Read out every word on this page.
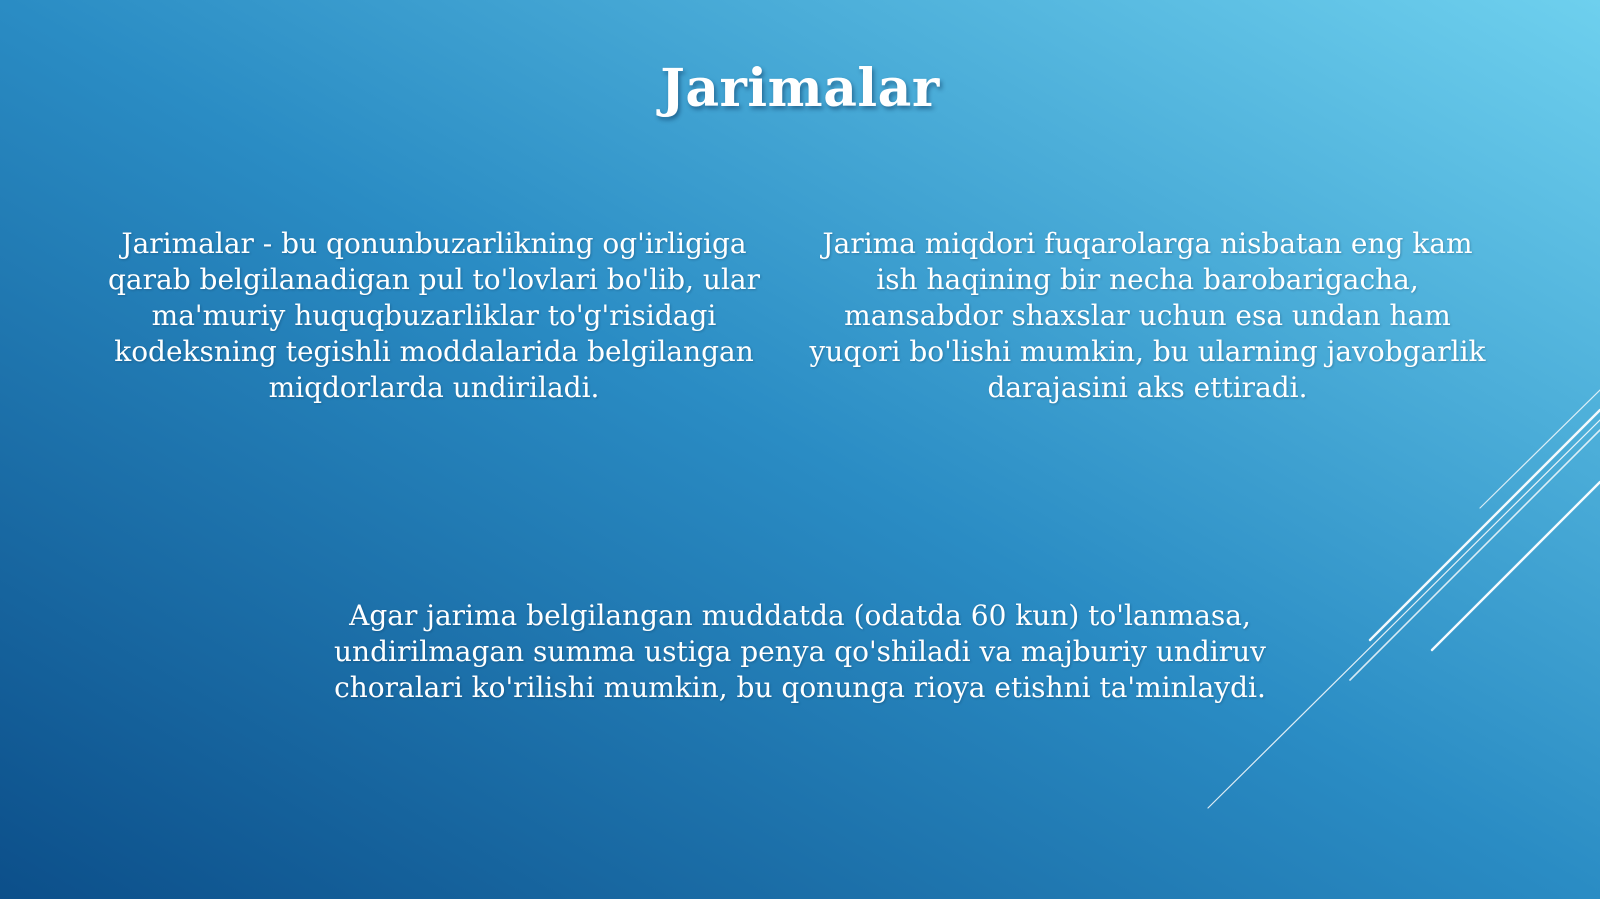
Jarimalar

Jarimalar - bu qonunbuzarlikning og'irligiga qarab belgilanadigan pul to'lovlari bo'lib, ular ma'muriy huquqbuzarliklar to'g'risidagi kodeksning tegishli moddalarida belgilangan miqdorlarda undiriladi.

Jarima miqdori fuqarolarga nisbatan eng kam ish haqining bir necha barobarigacha, mansabdor shaxslar uchun esa undan ham yuqori bo'lishi mumkin, bu ularning javobgarlik darajasini aks ettiradi.

Agar jarima belgilangan muddatda (odatda 60 kun) to'lanmasa, undirilmagan summa ustiga penya qo'shiladi va majburiy undiruv choralari ko'rilishi mumkin, bu qonunga rioya etishni ta'minlaydi.
